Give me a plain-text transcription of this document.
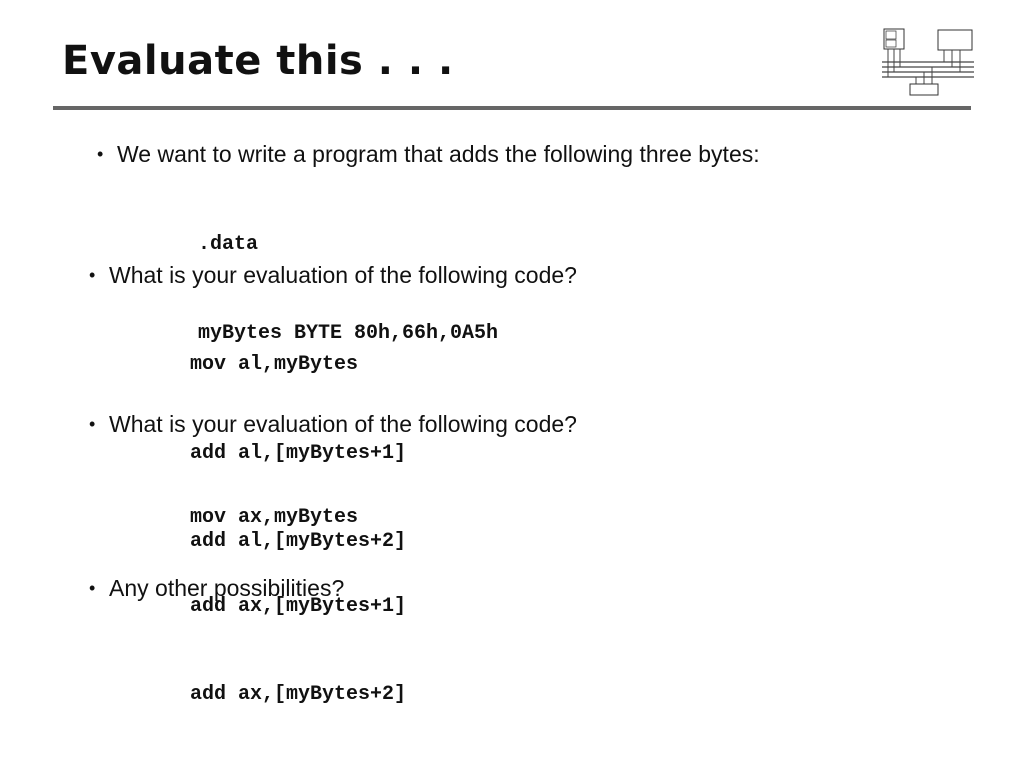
Evaluate this . . .
• We want to write a program that adds the following three bytes:

.data

myBytes BYTE 80h,66h,0A5h

• What is your evaluation of the following code?

mov al,myBytes

add al,[myBytes+1]

add al,[myBytes+2]

• What is your evaluation of the following code?

mov ax,myBytes

add ax,[myBytes+1]

add ax,[myBytes+2]

• Any other possibilities?
